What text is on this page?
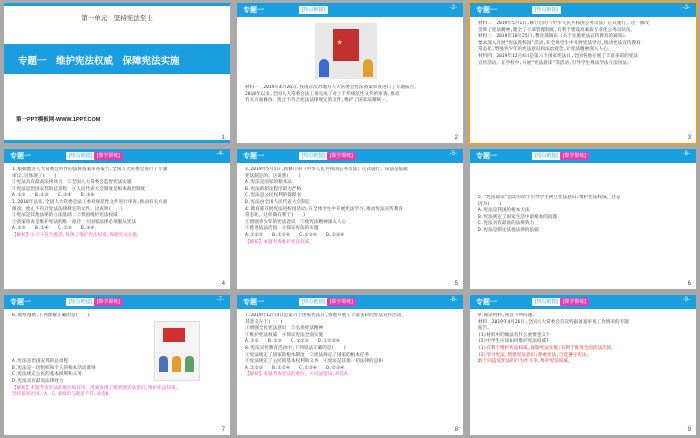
第一单元　坚持宪法至上
专题一　维护宪法权威　保障宪法实施
第一PPT模板网-WWW.1PPT.COM
1
专题一	[热点链接]	-2-
★
材料一　2019年4月26日,我国首次对地方人大常委会宪法备案审查进行了专题报告。
2018年以来,全国人大常委会法工委完成了对上千件规范性文件的审查,推动
有关方面修改、废止不符合宪法法律规定的文件,维护了国家法制统一。
2
专题一	[热点链接]	-3-
材料二　2019年5月1日,修订后的《中华人民共和国公务员法》正式施行。这一修改
贯彻了宪法精神,健全了干部管理制度,有利于建设高素质专业化公务员队伍。
材料三　2019年10月25日,教育部颁布《关于实施宪法宣传教育的通知》。
要求深入开展"宪法进校园"活动,在全体学生中开展宪法学习,推动宪法宣传教育
常态化,增强青少年的宪法意识和法治观念,让宪法精神深入人心。
材料四　2019年12月4日是第六个国家宪法日,全国各地开展了丰富多彩的宪法
宣传活动。在学校中,开展"宪法晨读"等活动,引导学生尊法学法守法用法。
3
专题一	[热点链接]	[即学即练]	-4-
1.根据地方人大常委会所作的法规备案审查报告,全国人大常委会进行了专题
审议,这体现了(　　)
①宪法具有最高法律效力　②全国人大常委会监督宪法实施
③宪法是治国安邦的总章程　④人民代表大会制度是根本政治制度
A.①②　　B.①③　　C.②④　　D.③④
2.2018年以来,全国人大常委会法工委对规范性文件进行审查,推动有关方面
修改、废止不符合宪法法律规定的文件。这表明(　　)
①宪法是其他法律的立法基础　②我国维护宪法权威
③备案审查是维护宪法的唯一途径　④国家法律必须服从宪法
A.①②　　B.①④　　C.②③　　D.③④
【解析】①②④符合题意,体现了维护宪法权威,保障宪法实施。
4
专题一	[热点链接]	[即学即练]	-5-
3.2019年5月1日,新修订的《中华人民共和国公务员法》正式施行。该法是依据
宪法制定的。这说明(　　)
A.宪法是国家的根本法
B.宪法的制定程序最为严格
C.宪法是公民权利的保障书
D.宪法由全国人民代表大会制定
4.教育部开展宪法进校园活动,在全体学生中开展宪法学习,推动宪法宣传教育
常态化。这样做有利于(　　)
①增强青少年的宪法意识　②使宪法精神深入人心
③推进依法治国　④保证宪法的实施
A.①②③　　B.①②④　　C.①③④　　D.②③④
【解析】本题考查维护宪法权威。
5
专题一	[热点链接]	[即学即练]	-6-
5."宪法晨读"活动有助于引导学生树立宪法意识,维护宪法权威。这是
因为(　　)
A.宪法是我国的根本大法
B.宪法规定了国家生活中最根本的问题
C.宪法具有最高的法律效力
D.宪法是制定其他法律的依据
6
专题一	[热点链接]	[即学即练]	-7-
6.观察漫画,下列理解正确的是(　　)

A.宪法是治国安邦的总章程
B.宪法是一切组织和个人的根本活动准则
C.宪法规定公民的基本权利和义务
D.宪法具有最高法律效力
【解析】本题考查宪法的地位和作用。漫画体现了要增强宪法意识,维护宪法权威,
坚持依宪治国。A、C、D项均与题意不符,故选B。
7
专题一	[热点链接]	[即学即练]	-8-
7.2019年12月4日是第六个国家宪法日,各地开展了丰富多彩的宪法宣传活动,
其意义在于(　　)
①增强全民宪法意识　②弘扬宪法精神
③维护宪法权威　④保证宪法全面实施
A.①②　　B.②③　　C.①②③　　D.①②③④
8.宪法宣传教育活动中,下列说法正确的是(　　)
①宪法规定了国家的根本制度　②宪法规定了国家的根本任务
③宪法规定了公民的基本权利和义务　④宪法是其他一切法律的总和
A.①②③　　B.①②④　　C.①③④　　D.②③④
【解析】本题考查宪法的地位。④说法错误,故选A。
8
专题一	[热点链接]	[即学即练]	-9-
9.阅读材料,回答下列问题。
材料　2019年4月26日,全国人大常委会首次听取备案审查工作情况的专题
报告。
(1)材料中的做法有什么重要意义?
(2)中学生应该如何维护宪法权威?
(1)有利于维护宪法权威,保障宪法实施;有利于推进全面依法治国。
(2)学习宪法,增强宪法意识;尊重宪法,自觉遵守宪法;
敢于同违反宪法的行为作斗争,维护宪法权威。
9
